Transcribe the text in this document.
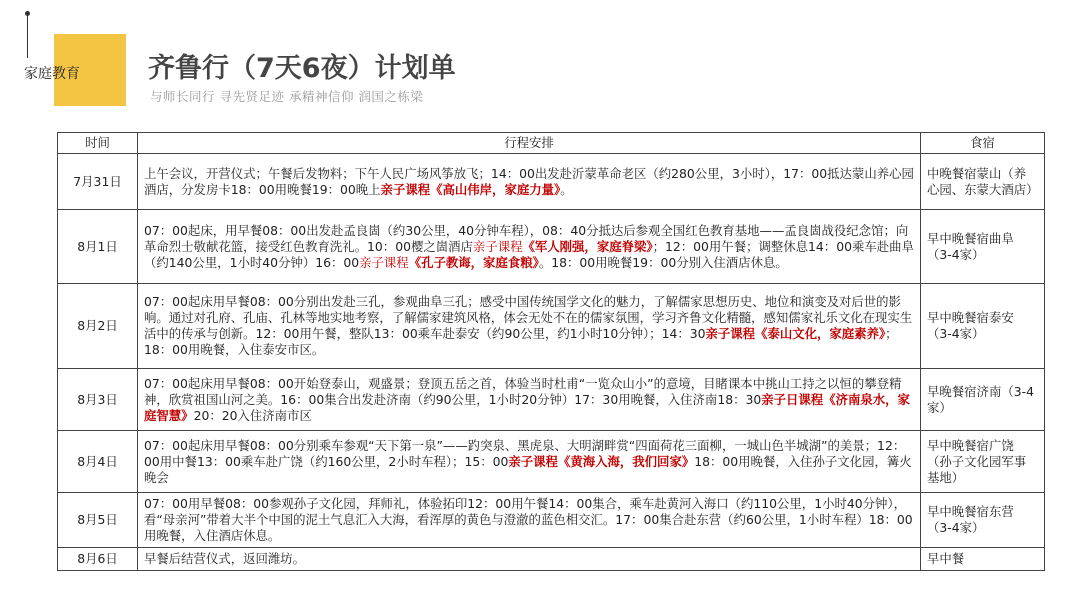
家庭教育	齐鲁行（7天6夜）计划单
与师长同行 寻先贤足迹 承精神信仰 润国之栋梁
时间	行程安排	食宿
7月31日	上午会议，开营仪式；午餐后发物料；下午人民广场风筝放飞；14：00出发赴沂蒙革命老区（约280公里，3小时），17：00抵达蒙山养心园酒店，分发房卡18：00用晚餐19：00晚上亲子课程《高山伟岸，家庭力量》。	中晚餐宿蒙山（养心园、东蒙大酒店）
8月1日	07：00起床，用早餐08：00出发赴孟良崮（约30公里，40分钟车程），08：40分抵达后参观全国红色教育基地——孟良崮战役纪念馆；向革命烈士敬献花篮，接受红色教育洗礼。10：00樱之崮酒店亲子课程《军人刚强，家庭脊梁》；12：00用午餐；调整休息14：00乘车赴曲阜（约140公里，1小时40分钟）16：00亲子课程《孔子教诲，家庭食粮》。18：00用晚餐19：00分别入住酒店休息。	早中晚餐宿曲阜（3-4家）
8月2日	07：00起床用早餐08：00分别出发赴三孔，参观曲阜三孔；感受中国传统国学文化的魅力，了解儒家思想历史、地位和演变及对后世的影响。通过对孔府、孔庙、孔林等地实地考察，了解儒家建筑风格，体会无处不在的儒家氛围，学习齐鲁文化精髓，感知儒家礼乐文化在现实生活中的传承与创新。12：00用午餐，整队13：00乘车赴泰安（约90公里，约1小时10分钟）；14：30亲子课程《泰山文化，家庭素养》；18：00用晚餐，入住泰安市区。	早中晚餐宿泰安（3-4家）
8月3日	07：00起床用早餐08：00开始登泰山，观盛景；登顶五岳之首，体验当时杜甫“一览众山小”的意境，目睹课本中挑山工持之以恒的攀登精神，欣赏祖国山河之美。16：00集合出发赴济南（约90公里，1小时20分钟）17：30用晚餐，入住济南18：30亲子日课程《济南泉水，家庭智慧》20：20入住济南市区	早晚餐宿济南（3-4家）
8月4日	07：00起床用早餐08：00分别乘车参观“天下第一泉”——趵突泉、黑虎泉、大明湖畔赏“四面荷花三面柳，一城山色半城湖”的美景；12：00用中餐13：00乘车赴广饶（约160公里，2小时车程）；15：00亲子课程《黄海入海，我们回家》18：00用晚餐，入住孙子文化园，篝火晚会	早中晚餐宿广饶（孙子文化园军事基地）
8月5日	07：00用早餐08：00参观孙子文化园，拜师礼，体验拓印12：00用午餐14：00集合，乘车赴黄河入海口（约110公里，1小时40分钟），看“母亲河”带着大半个中国的泥土气息汇入大海，看浑厚的黄色与澄澈的蓝色相交汇。17：00集合赴东营（约60公里，1小时车程）18：00用晚餐，入住酒店休息。	早中晚餐宿东营（3-4家）
8月6日	早餐后结营仪式，返回潍坊。	早中餐
